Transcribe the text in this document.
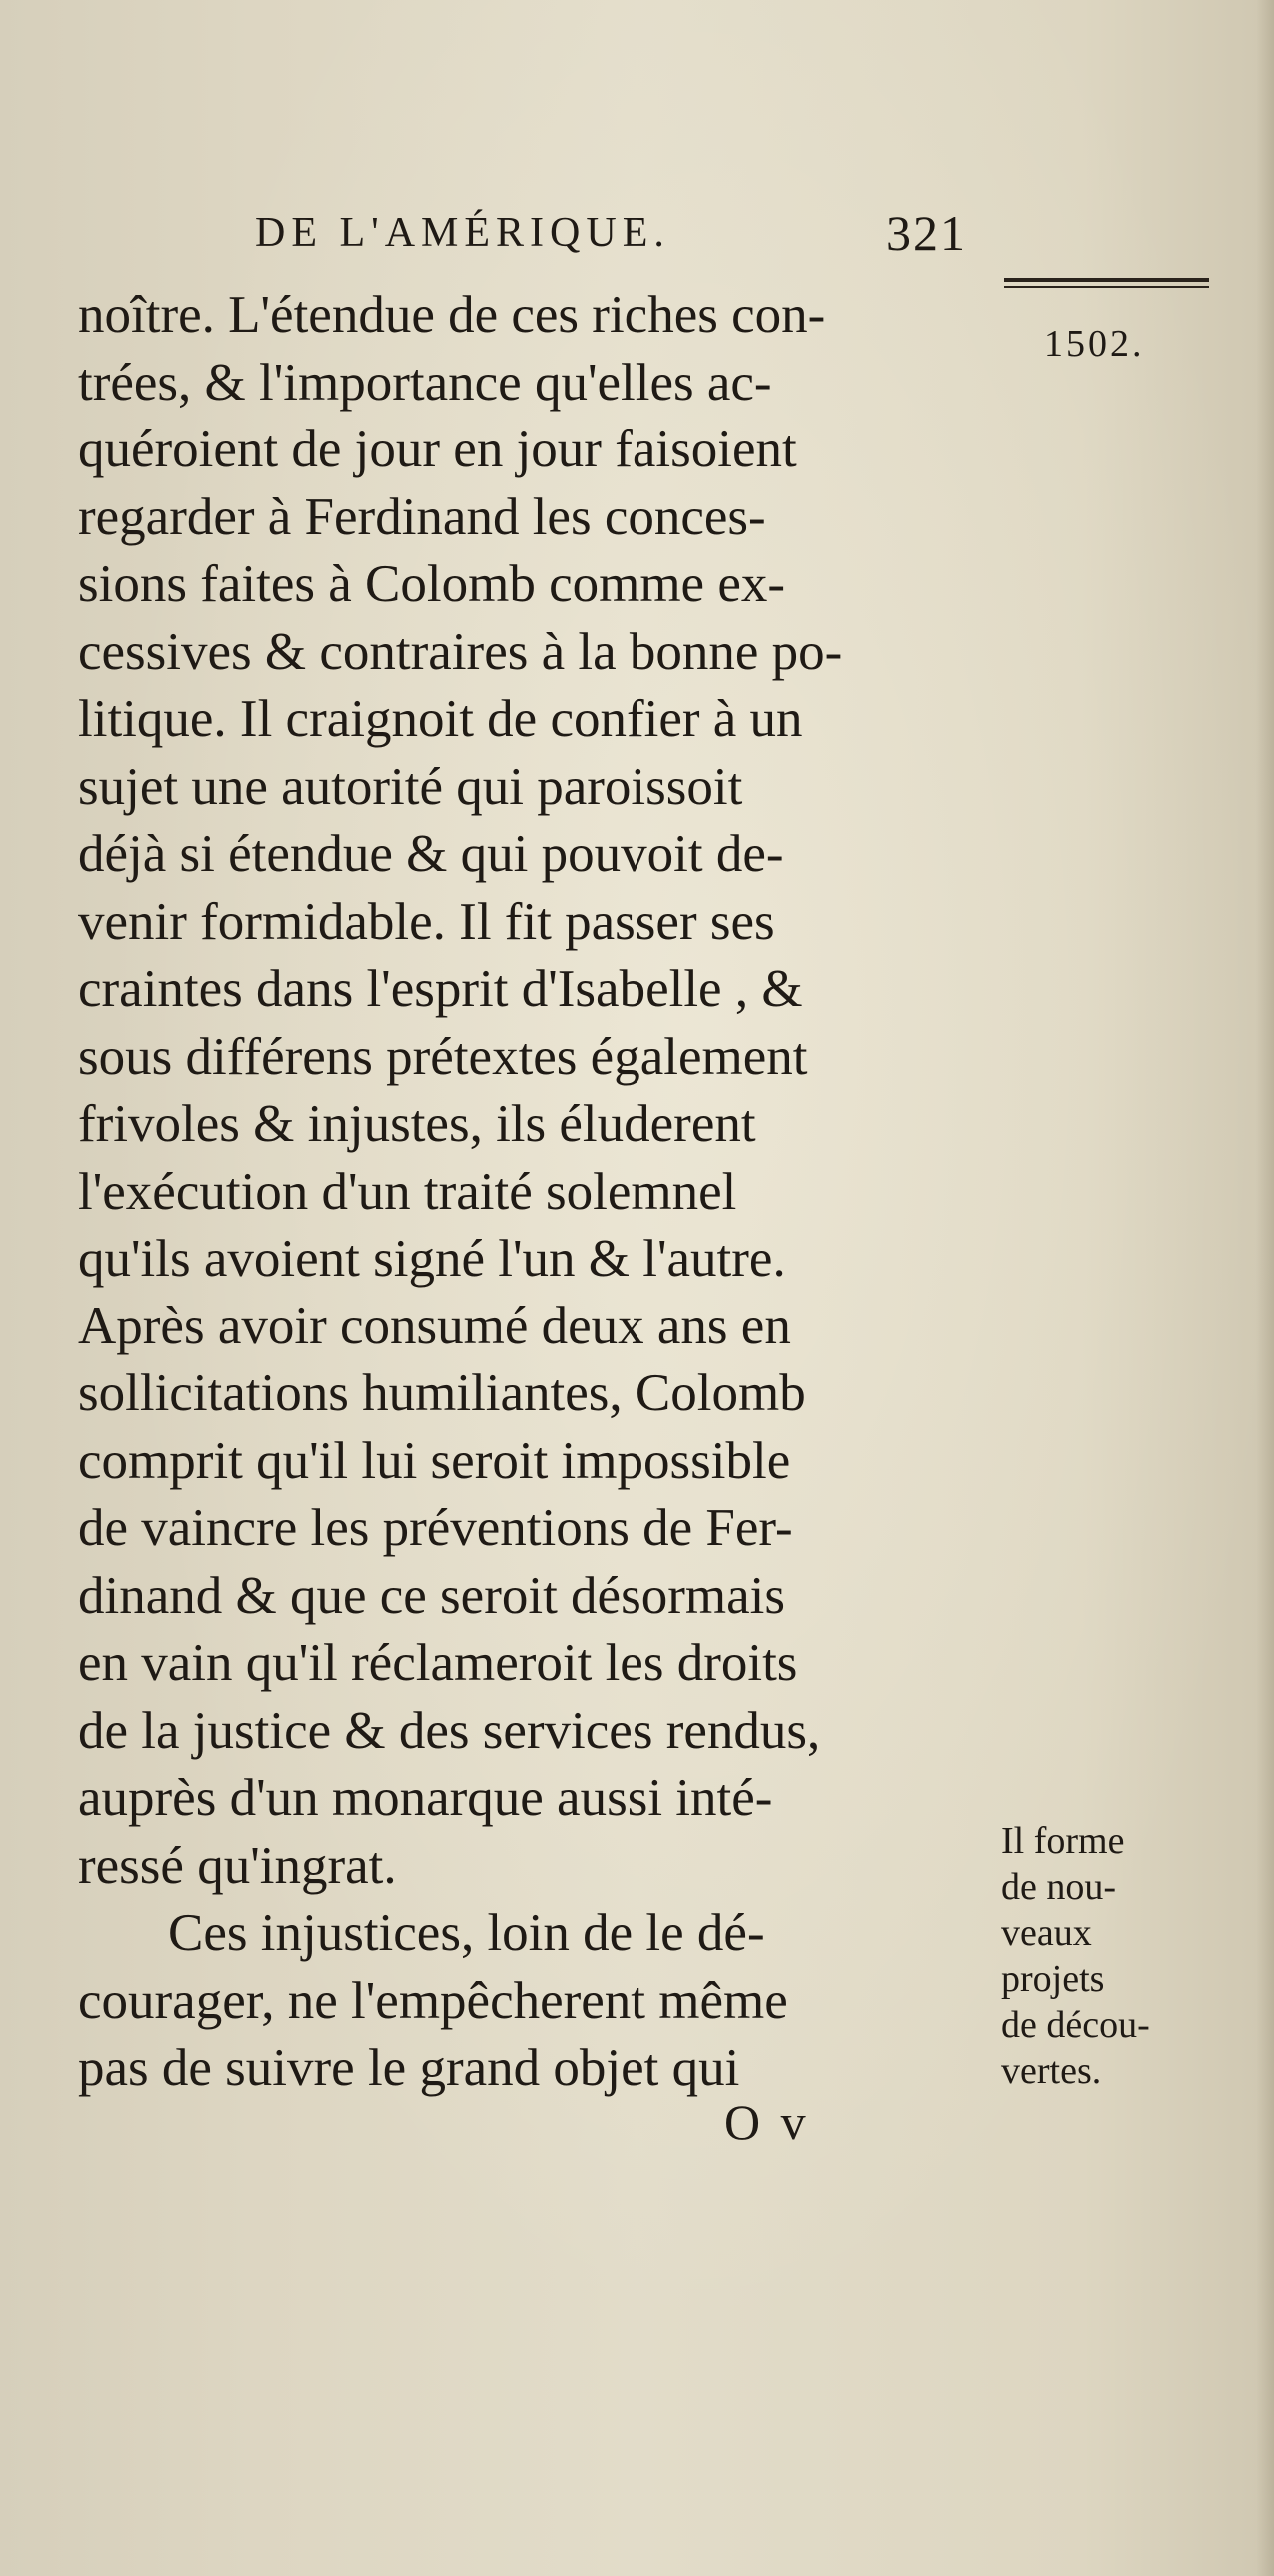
DE L'AMÉRIQUE.	321
1502.
noître. L'étendue de ces riches con-
trées, & l'importance qu'elles ac-
quéroient de jour en jour faisoient
regarder à Ferdinand les conces-
sions faites à Colomb comme ex-
cessives & contraires à la bonne po-
litique. Il craignoit de confier à un
sujet une autorité qui paroissoit
déjà si étendue & qui pouvoit de-
venir formidable. Il fit passer ses
craintes dans l'esprit d'Isabelle , &
sous différens prétextes également
frivoles & injustes, ils éluderent
l'exécution d'un traité solemnel
qu'ils avoient signé l'un & l'autre.
Après avoir consumé deux ans en
sollicitations humiliantes, Colomb
comprit qu'il lui seroit impossible
de vaincre les préventions de Fer-
dinand & que ce seroit désormais
en vain qu'il réclameroit les droits
de la justice & des services rendus,
auprès d'un monarque aussi inté-
ressé qu'ingrat.
Ces injustices, loin de le dé-
courager, ne l'empêcherent même
pas de suivre le grand objet qui
Il forme
de nou-
veaux
projets
de décou-
vertes.
O v
